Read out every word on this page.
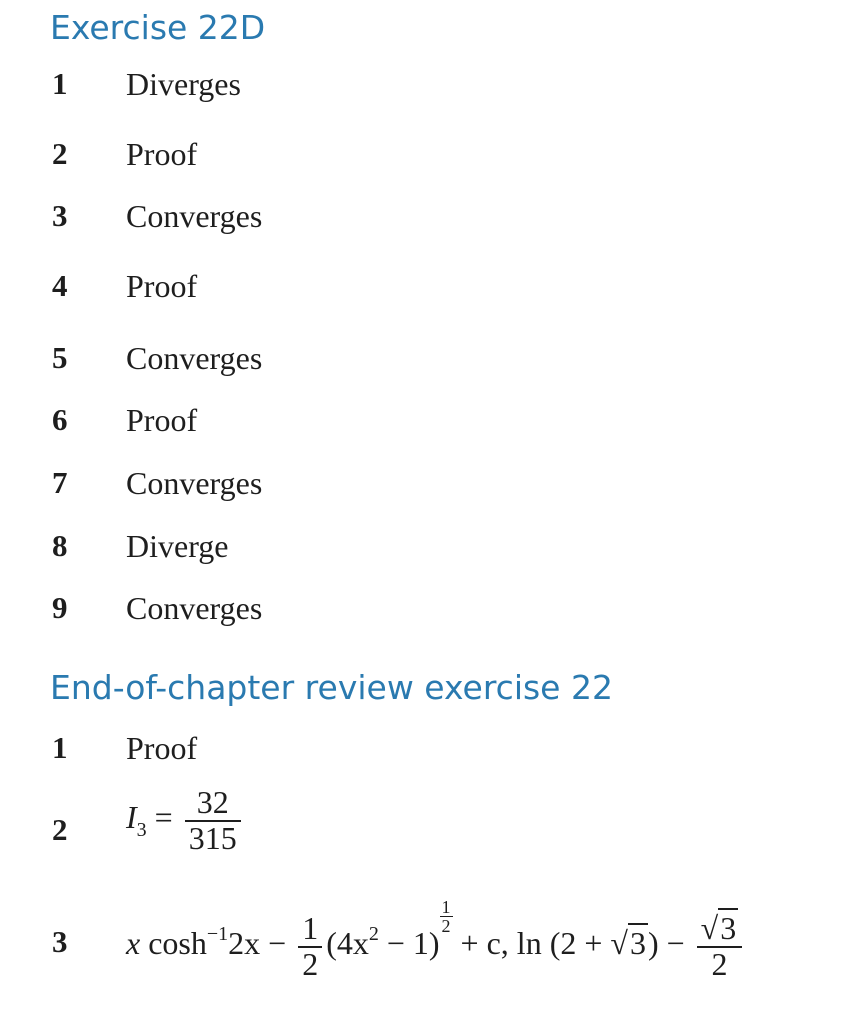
Exercise 22D
1	Diverges
2	Proof
3	Converges
4	Proof
5	Converges
6	Proof
7	Converges
8	Diverge
9	Converges
End-of-chapter review exercise 22
1	Proof
2	$I_3 = \frac{32}{315}$
3	x $\cosh^{-1}2x - \frac{1}{2} (4x^2 - 1)$
$\frac{1}{2}$
+ c, $\ln (2 + √3) - \frac{√3}{2}$
